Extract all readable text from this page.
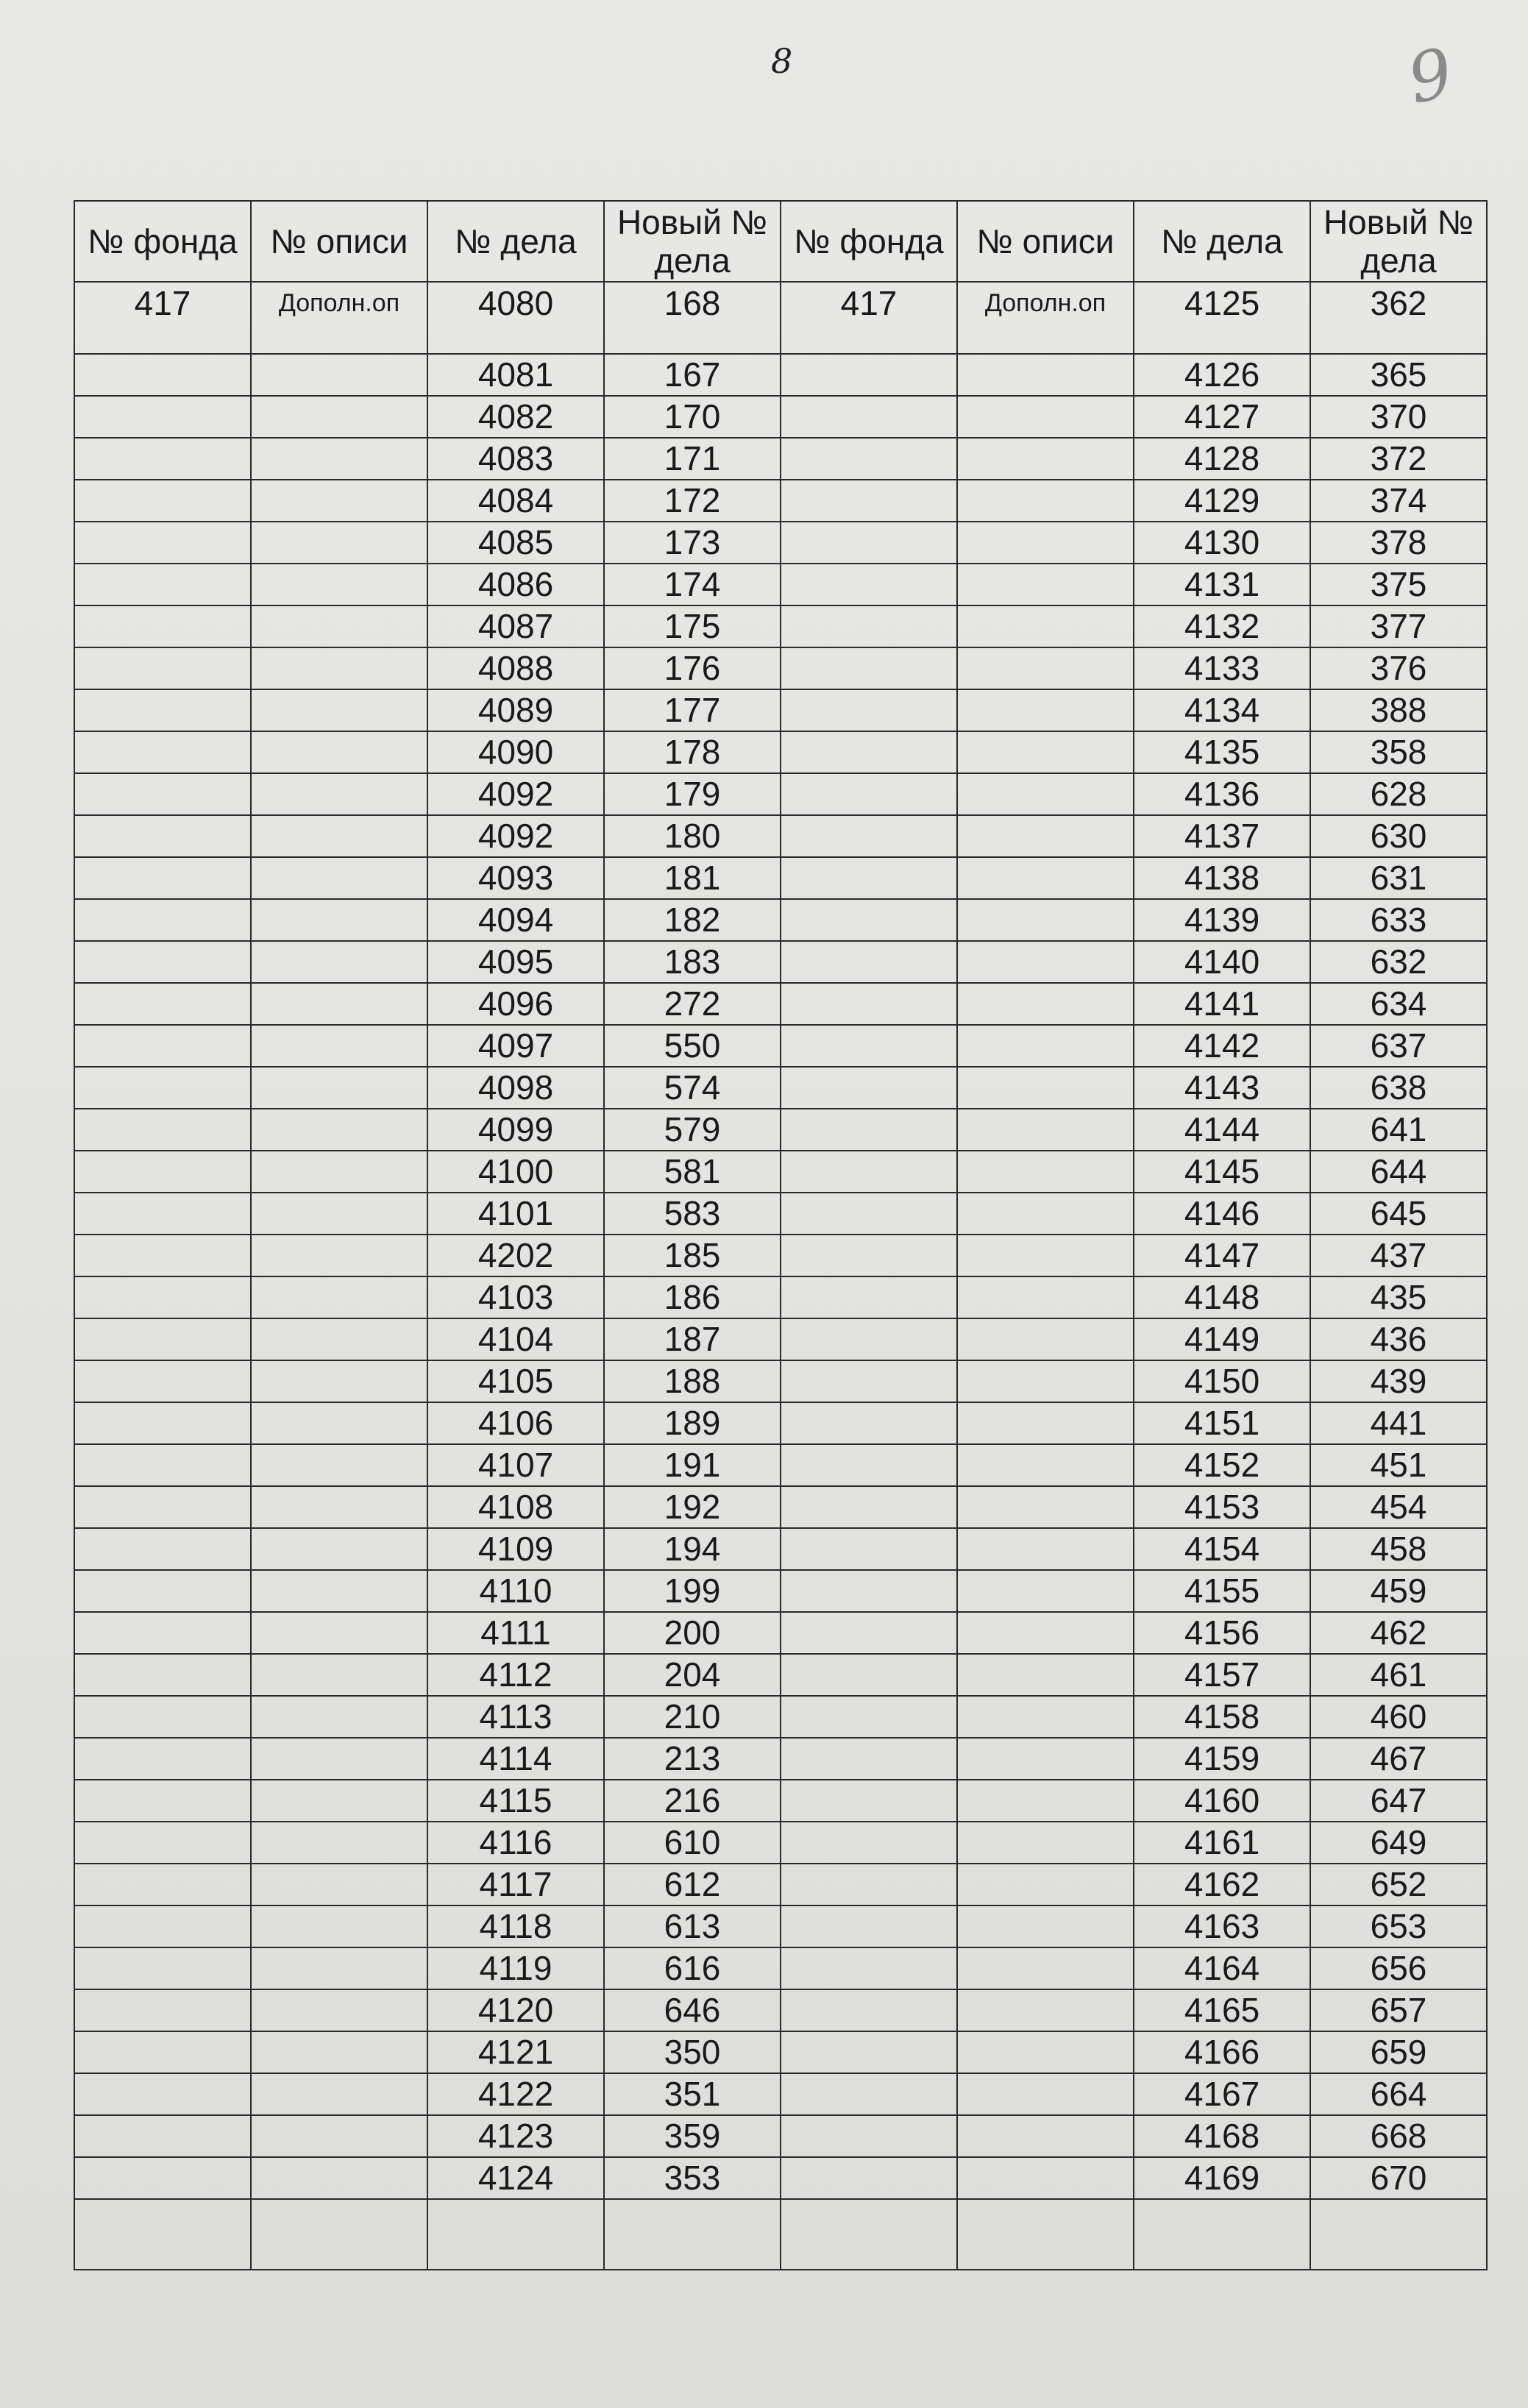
8	9
№ фонда	№ описи	№ дела	Новый № дела	№ фонда	№ описи	№ дела	Новый № дела
417	Дополн.оп	4080	168	417	Дополн.оп	4125	362
		4081	167			4126	365
		4082	170			4127	370
		4083	171			4128	372
		4084	172			4129	374
		4085	173			4130	378
		4086	174			4131	375
		4087	175			4132	377
		4088	176			4133	376
		4089	177			4134	388
		4090	178			4135	358
		4092	179			4136	628
		4092	180			4137	630
		4093	181			4138	631
		4094	182			4139	633
		4095	183			4140	632
		4096	272			4141	634
		4097	550			4142	637
		4098	574			4143	638
		4099	579			4144	641
		4100	581			4145	644
		4101	583			4146	645
		4202	185			4147	437
		4103	186			4148	435
		4104	187			4149	436
		4105	188			4150	439
		4106	189			4151	441
		4107	191			4152	451
		4108	192			4153	454
		4109	194			4154	458
		4110	199			4155	459
		4111	200			4156	462
		4112	204			4157	461
		4113	210			4158	460
		4114	213			4159	467
		4115	216			4160	647
		4116	610			4161	649
		4117	612			4162	652
		4118	613			4163	653
		4119	616			4164	656
		4120	646			4165	657
		4121	350			4166	659
		4122	351			4167	664
		4123	359			4168	668
		4124	353			4169	670
